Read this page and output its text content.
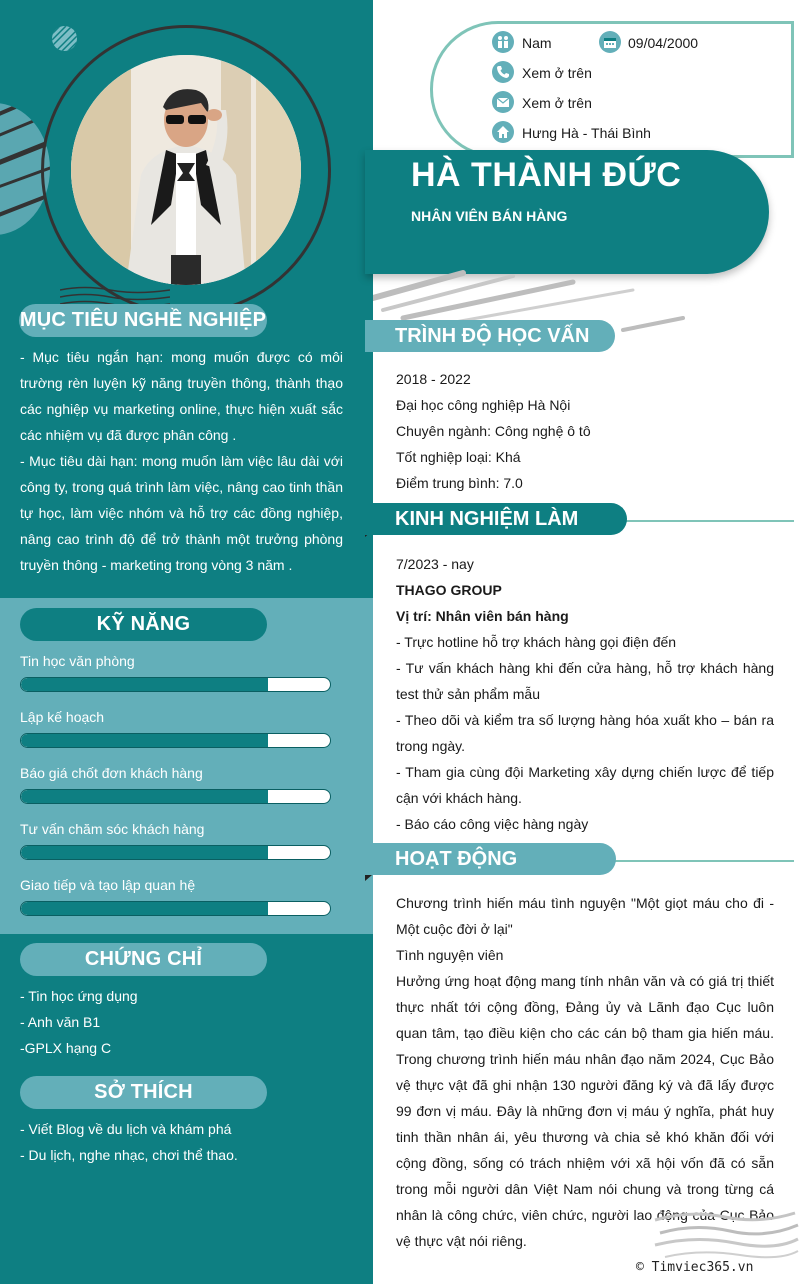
MỤC TIÊU NGHỀ NGHIỆP

- Mục tiêu ngắn hạn: mong muốn được có môi trường rèn luyện kỹ năng truyền thông, thành thạo các nghiệp vụ marketing online, thực hiện xuất sắc các nhiệm vụ đã được phân công .

- Mục tiêu dài hạn: mong muốn làm việc lâu dài với công ty, trong quá trình làm việc, nâng cao tinh thần tự học, làm việc nhóm và hỗ trợ các đồng nghiệp, nâng cao trình độ để trở thành một trưởng phòng truyền thông - marketing trong vòng 3 năm .

KỸ NĂNG
Tin học văn phòng
Lập kế hoạch
Báo giá chốt đơn khách hàng
Tư vấn chăm sóc khách hàng
Giao tiếp và tạo lập quan hệ
CHỨNG CHỈ
- Tin học ứng dụng
- Anh văn B1
-GPLX hạng C
SỞ THÍCH
- Viết Blog về du lịch và khám phá
- Du lịch, nghe nhạc, chơi thể thao.
Nam	09/04/2000
Xem ở trên
Xem ở trên
Hưng Hà - Thái Bình
HÀ THÀNH ĐỨC
NHÂN VIÊN BÁN HÀNG
TRÌNH ĐỘ HỌC VẤN
2018 - 2022
Đại học công nghiệp Hà Nội
Chuyên ngành: Công nghệ ô tô
Tốt nghiệp loại: Khá
Điểm trung bình: 7.0
KINH NGHIỆM LÀM VIỆC
7/2023 - nay
THAGO GROUP
Vị trí: Nhân viên bán hàng
- Trực hotline hỗ trợ khách hàng gọi điện đến
- Tư vấn khách hàng khi đến cửa hàng, hỗ trợ khách hàng test thử sản phẩm mẫu
- Theo dõi và kiểm tra số lượng hàng hóa xuất kho – bán ra trong ngày.
- Tham gia cùng đội Marketing xây dựng chiến lược để tiếp cận với khách hàng.
- Báo cáo công việc hàng ngày
HOẠT ĐỘNG
Chương trình hiến máu tình nguyện "Một giọt máu cho đi - Một cuộc đời ở lại"
Tình nguyện viên
Hưởng ứng hoạt động mang tính nhân văn và có giá trị thiết thực nhất tới cộng đồng, Đảng ủy và Lãnh đạo Cục luôn quan tâm, tạo điều kiện cho các cán bộ tham gia hiến máu. Trong chương trình hiến máu nhân đạo năm 2024, Cục Bảo vệ thực vật đã ghi nhận 130 người đăng ký và đã lấy được 99 đơn vị máu. Đây là những đơn vị máu ý nghĩa, phát huy tinh thần nhân ái, yêu thương và chia sẻ khó khăn đối với cộng đồng, sống có trách nhiệm với xã hội vốn đã có sẵn trong mỗi người dân Việt Nam nói chung và trong từng cá nhân là công chức, viên chức, người lao động của Cục Bảo vệ thực vật nói riêng.
© Timviec365.vn
